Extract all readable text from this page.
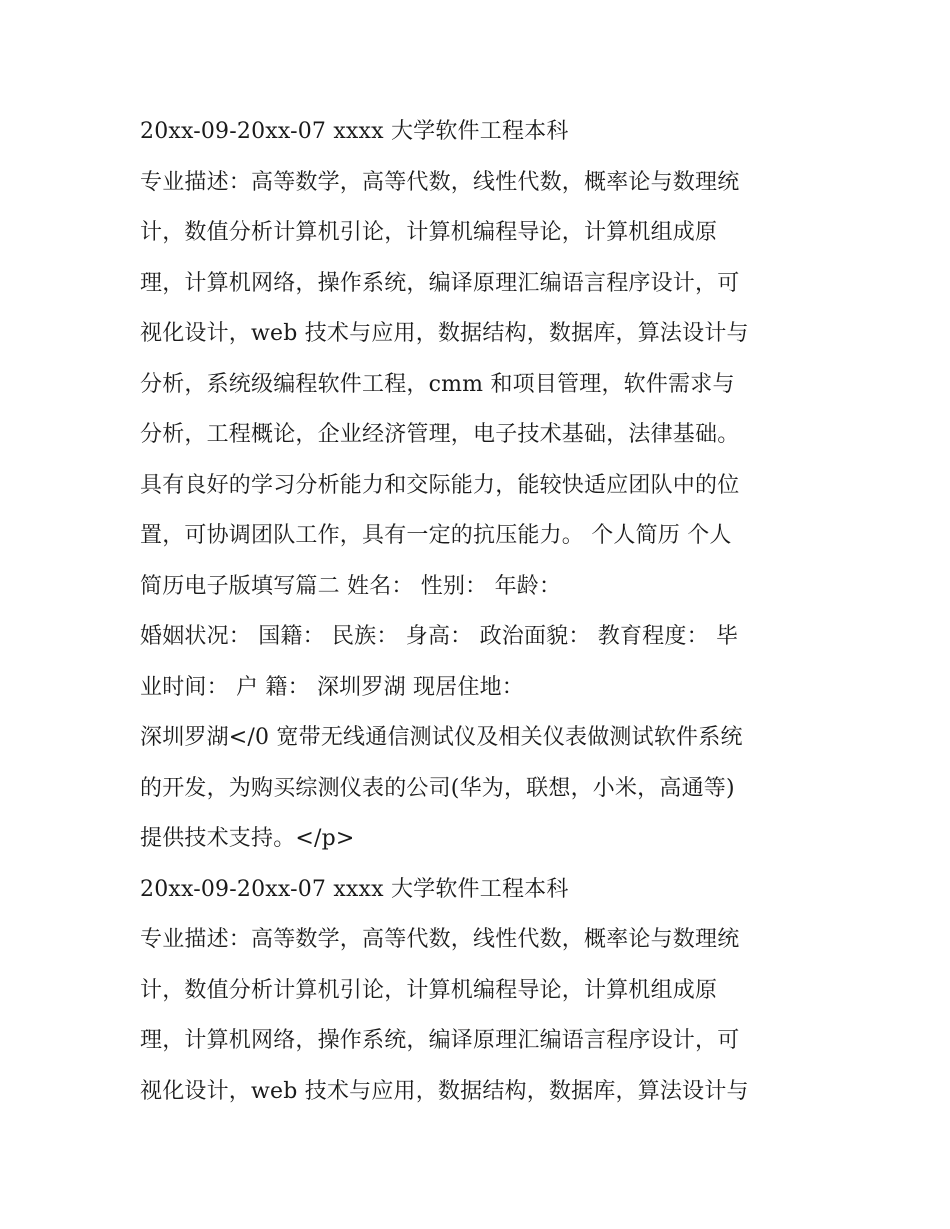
20xx-09-20xx-07 xxxx 大学软件工程本科
专业描述：高等数学，高等代数，线性代数，概率论与数理统
计，数值分析计算机引论，计算机编程导论，计算机组成原
理，计算机网络，操作系统，编译原理汇编语言程序设计，可
视化设计，web 技术与应用，数据结构，数据库，算法设计与
分析，系统级编程软件工程，cmm 和项目管理，软件需求与
分析，工程概论，企业经济管理，电子技术基础，法律基础。
具有良好的学习分析能力和交际能力，能较快适应团队中的位
置，可协调团队工作，具有一定的抗压能力。 个人简历 个人
简历电子版填写篇二 姓名： 性别： 年龄：
婚姻状况： 国籍： 民族： 身高： 政治面貌： 教育程度： 毕
业时间： 户 籍： 深圳罗湖 现居住地：
深圳罗湖</0 宽带无线通信测试仪及相关仪表做测试软件系统
的开发，为购买综测仪表的公司(华为，联想，小米，高通等)
提供技术支持。</p>
20xx-09-20xx-07 xxxx 大学软件工程本科
专业描述：高等数学，高等代数，线性代数，概率论与数理统
计，数值分析计算机引论，计算机编程导论，计算机组成原
理，计算机网络，操作系统，编译原理汇编语言程序设计，可
视化设计，web 技术与应用，数据结构，数据库，算法设计与
